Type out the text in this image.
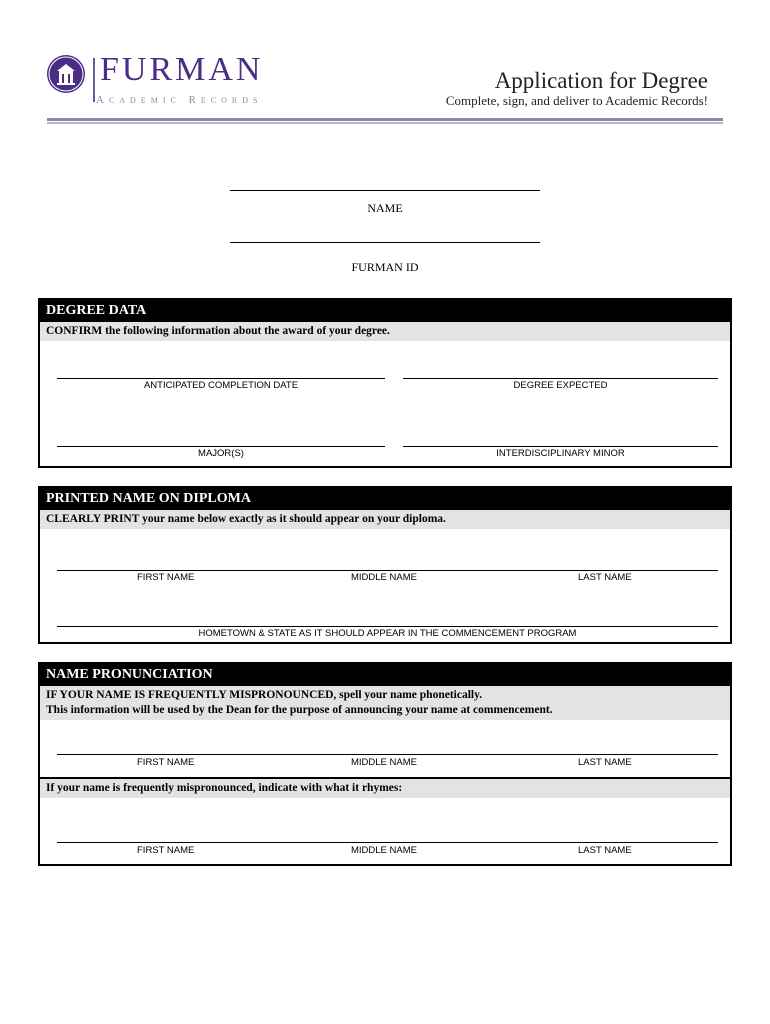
FURMAN
Academic Records
Application for Degree
Complete, sign, and deliver to Academic Records!
NAME
FURMAN ID
DEGREE DATA
CONFIRM the following information about the award of your degree.
ANTICIPATED COMPLETION DATE	DEGREE EXPECTED
MAJOR(S)	INTERDISCIPLINARY MINOR
PRINTED NAME ON DIPLOMA
CLEARLY PRINT your name below exactly as it should appear on your diploma.
FIRST NAME	MIDDLE NAME	LAST NAME
HOMETOWN & STATE AS IT SHOULD APPEAR IN THE COMMENCEMENT PROGRAM
NAME PRONUNCIATION
IF YOUR NAME IS FREQUENTLY MISPRONOUNCED, spell your name phonetically.
This information will be used by the Dean for the purpose of announcing your name at commencement.
FIRST NAME	MIDDLE NAME	LAST NAME
If your name is frequently mispronounced, indicate with what it rhymes:
FIRST NAME	MIDDLE NAME	LAST NAME
